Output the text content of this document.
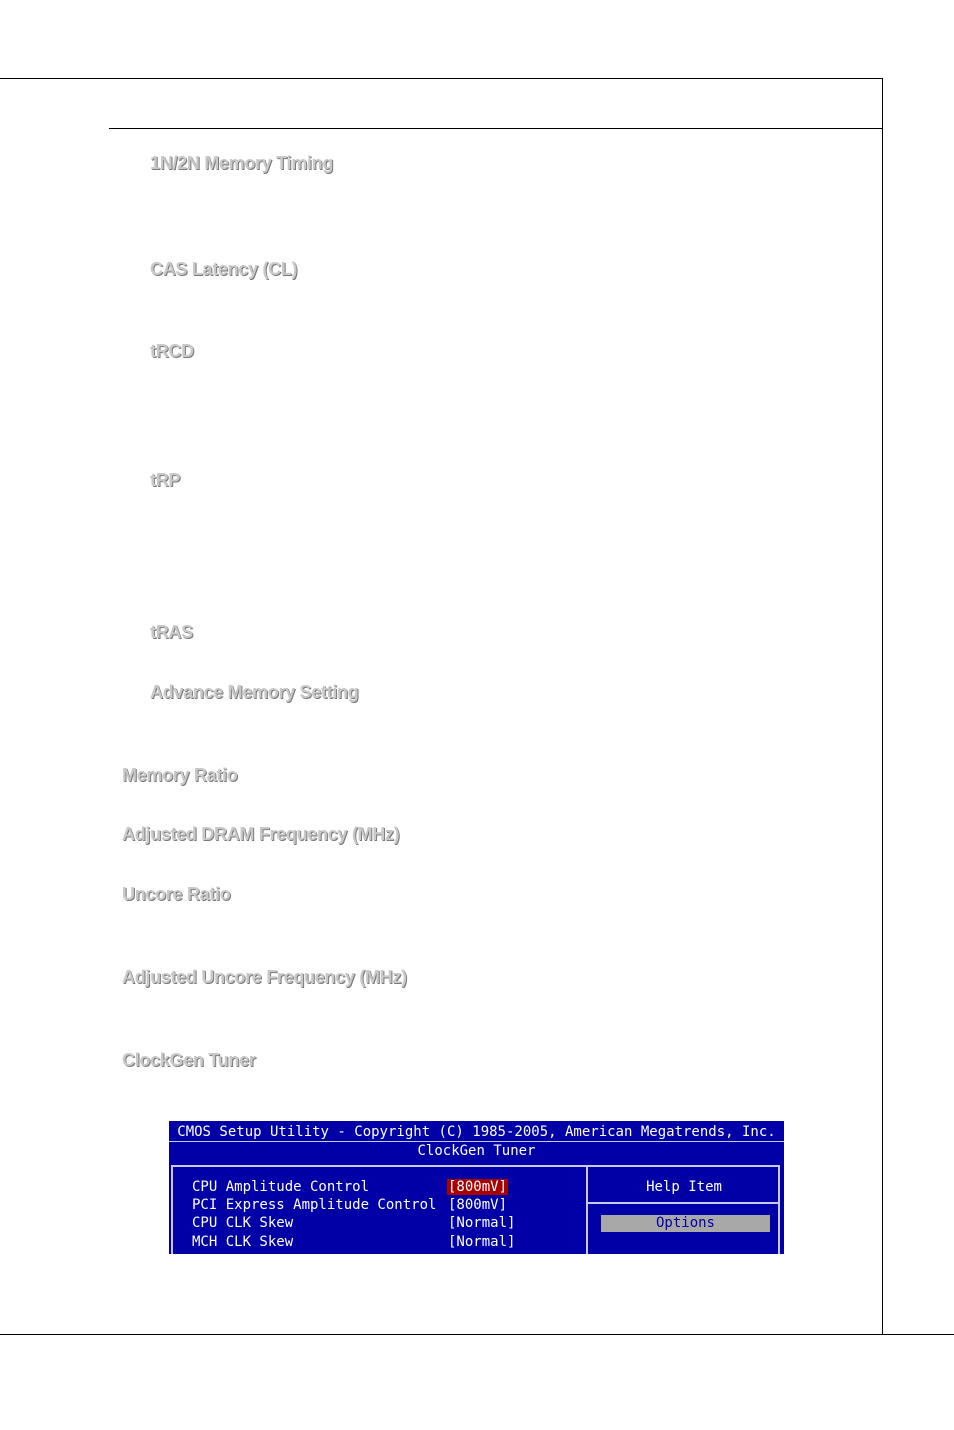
1N/2N Memory Timing
CAS Latency (CL)
tRCD
tRP
tRAS
Advance Memory Setting
Memory Ratio
Adjusted DRAM Frequency (MHz)
Uncore Ratio
Adjusted Uncore Frequency (MHz)
ClockGen Tuner
CMOS Setup Utility - Copyright (C) 1985-2005, American Megatrends, Inc.
ClockGen Tuner
CPU Amplitude Control	[800mV]
PCI Express Amplitude Control [800mV]
CPU CLK Skew	[Normal]
MCH CLK Skew	[Normal]
Help Item
Options
